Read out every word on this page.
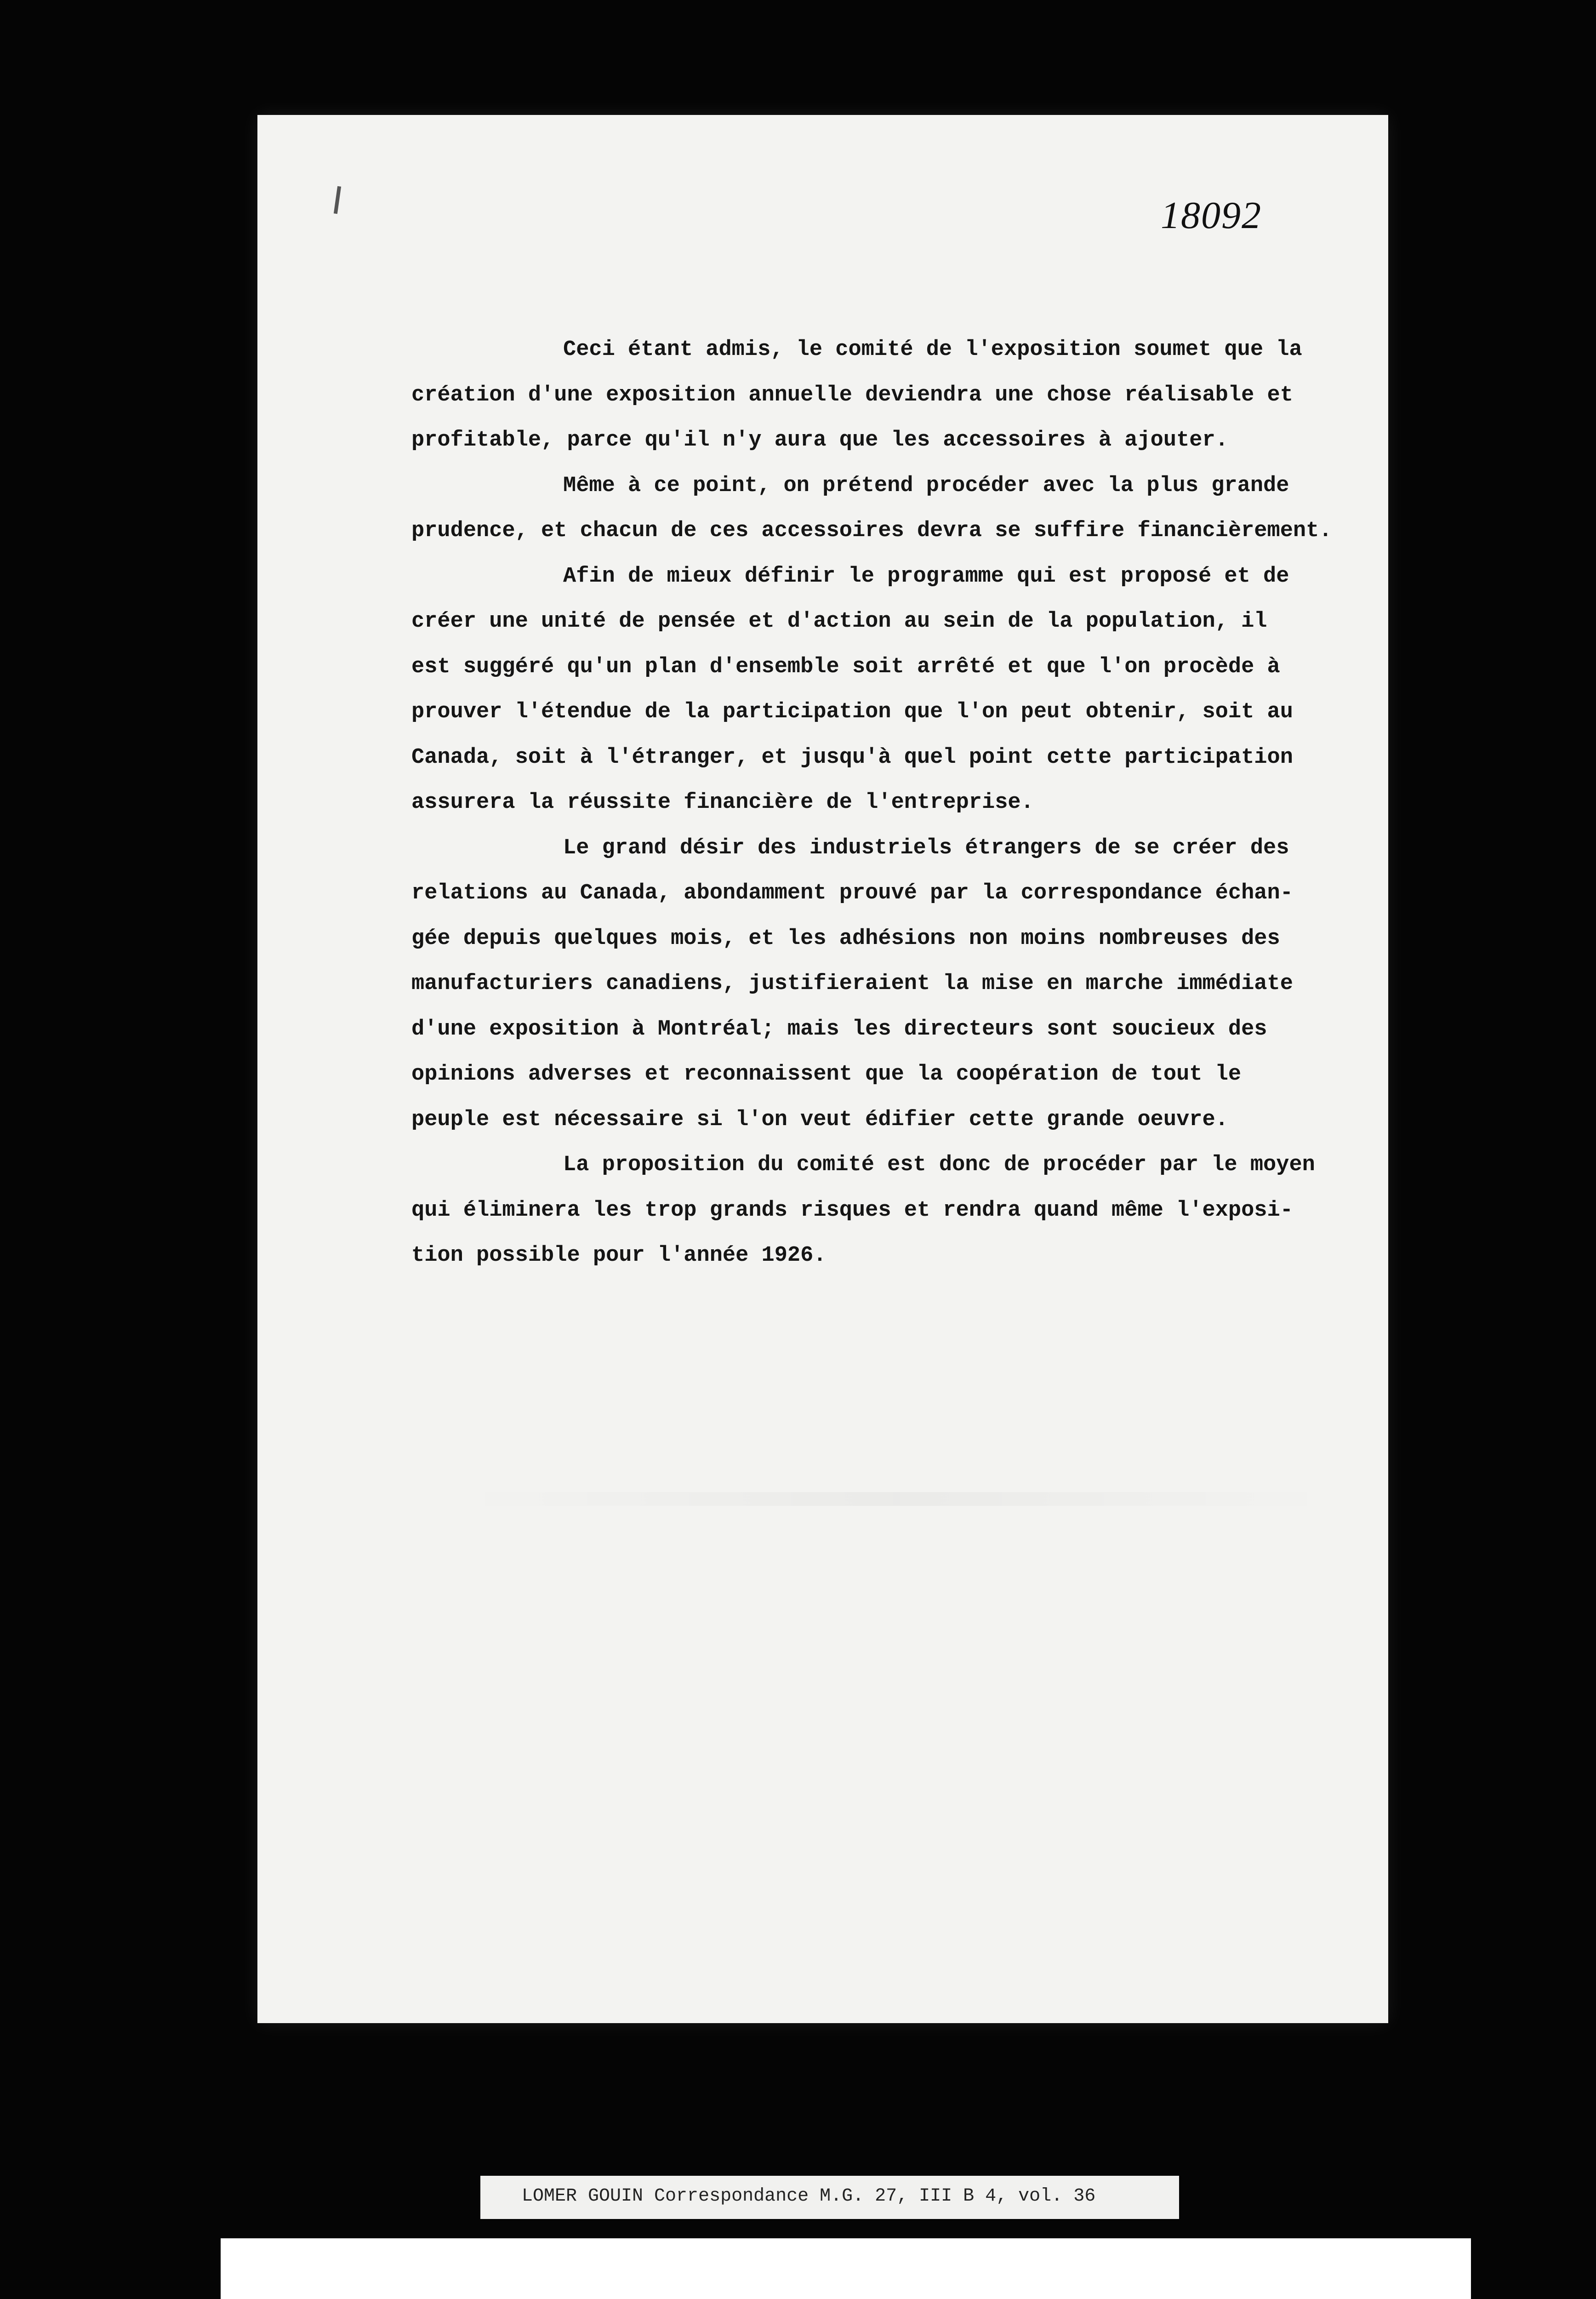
18092
Ceci étant admis, le comité de l'exposition soumet que la
création d'une exposition annuelle deviendra une chose réalisable et
profitable, parce qu'il n'y aura que les accessoires à ajouter.
Même à ce point, on prétend procéder avec la plus grande
prudence, et chacun de ces accessoires devra se suffire financièrement.
Afin de mieux définir le programme qui est proposé et de
créer une unité de pensée et d'action au sein de la population, il
est suggéré qu'un plan d'ensemble soit arrêté et que l'on procède à
prouver l'étendue de la participation que l'on peut obtenir, soit au
Canada, soit à l'étranger, et jusqu'à quel point cette participation
assurera la réussite financière de l'entreprise.
Le grand désir des industriels étrangers de se créer des
relations au Canada, abondamment prouvé par la correspondance échan-
gée depuis quelques mois, et les adhésions non moins nombreuses des
manufacturiers canadiens, justifieraient la mise en marche immédiate
d'une exposition à Montréal; mais les directeurs sont soucieux des
opinions adverses et reconnaissent que la coopération de tout le
peuple est nécessaire si l'on veut édifier cette grande oeuvre.
La proposition du comité est donc de procéder par le moyen
qui éliminera les trop grands risques et rendra quand même l'exposi-
tion possible pour l'année 1926.
LOMER GOUIN Correspondance M.G. 27, III B 4, vol. 36
